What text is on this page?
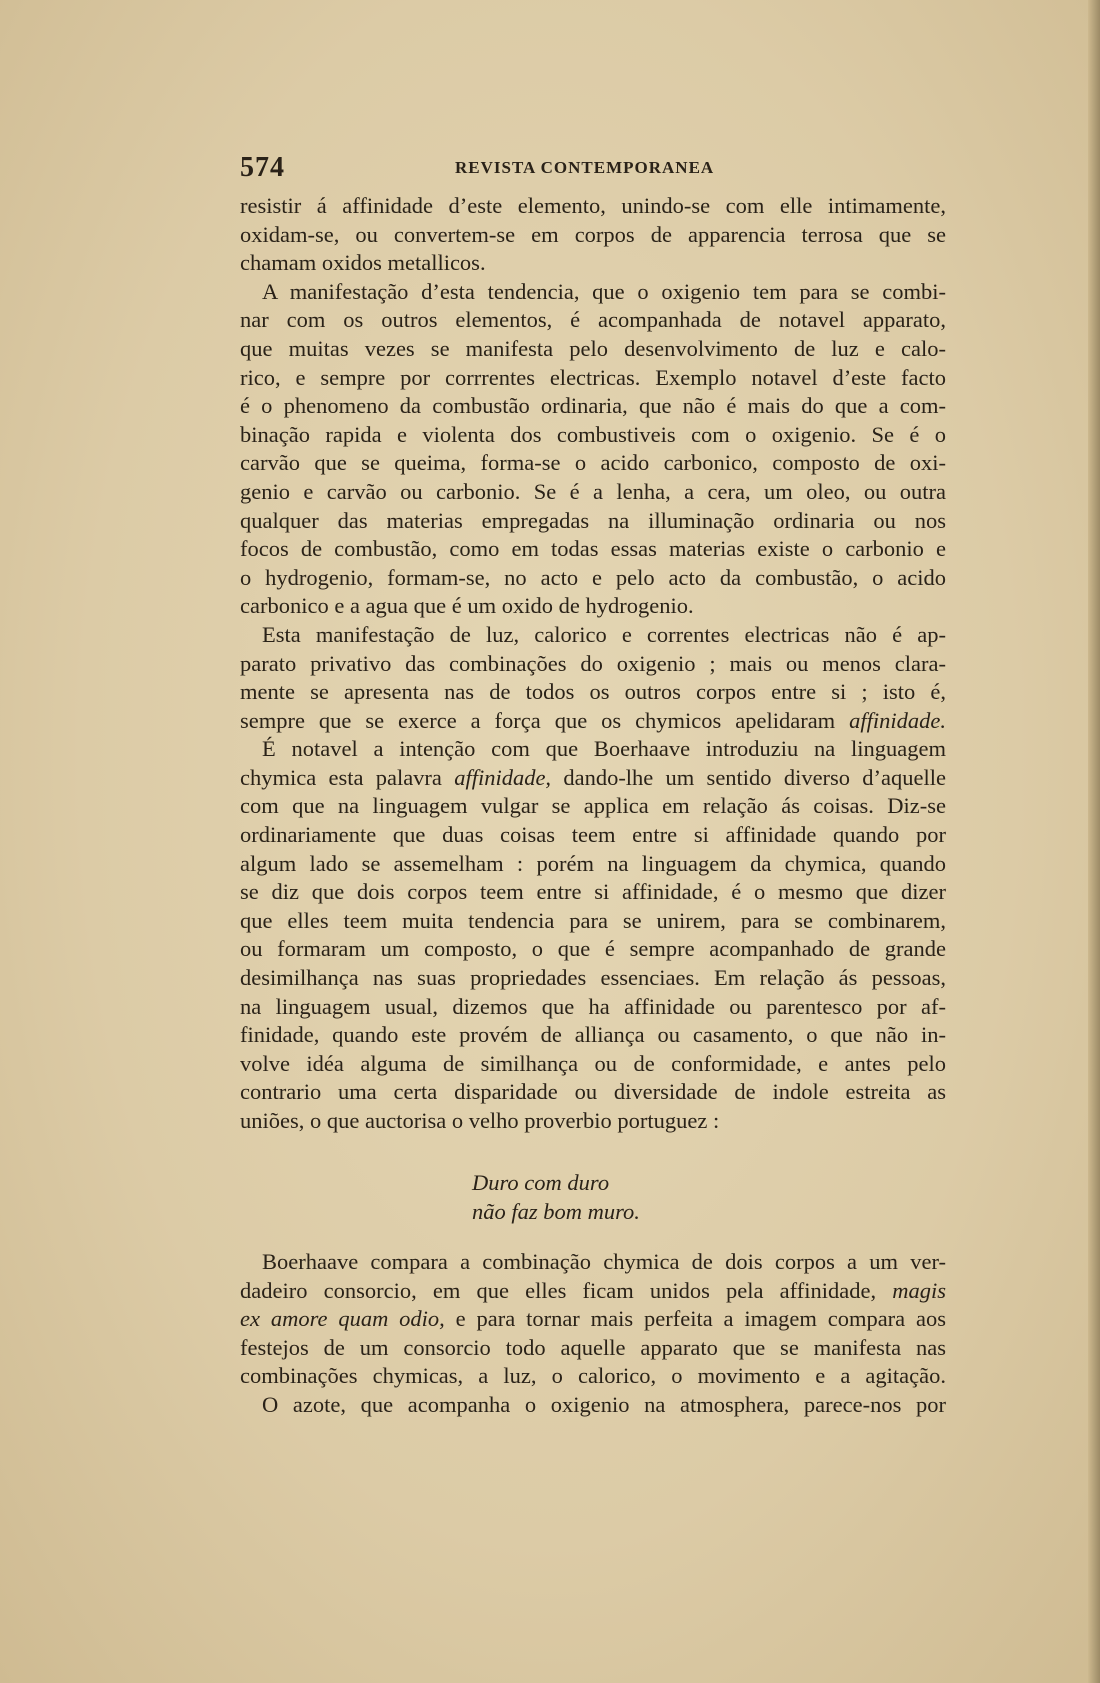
574	REVISTA CONTEMPORANEA
resistir á affinidade d’este elemento, unindo-se com elle intimamente,
oxidam-se, ou convertem-se em corpos de apparencia terrosa que se
chamam oxidos metallicos.
A manifestação d’esta tendencia, que o oxigenio tem para se combi-
nar com os outros elementos, é acompanhada de notavel apparato,
que muitas vezes se manifesta pelo desenvolvimento de luz e calo-
rico, e sempre por corrrentes electricas. Exemplo notavel d’este facto
é o phenomeno da combustão ordinaria, que não é mais do que a com-
binação rapida e violenta dos combustiveis com o oxigenio. Se é o
carvão que se queima, forma-se o acido carbonico, composto de oxi-
genio e carvão ou carbonio. Se é a lenha, a cera, um oleo, ou outra
qualquer das materias empregadas na illuminação ordinaria ou nos
focos de combustão, como em todas essas materias existe o carbonio e
o hydrogenio, formam-se, no acto e pelo acto da combustão, o acido
carbonico e a agua que é um oxido de hydrogenio.
Esta manifestação de luz, calorico e correntes electricas não é ap-
parato privativo das combinações do oxigenio ; mais ou menos clara-
mente se apresenta nas de todos os outros corpos entre si ; isto é,
sempre que se exerce a força que os chymicos apelidaram affinidade.
É notavel a intenção com que Boerhaave introduziu na linguagem
chymica esta palavra affinidade, dando-lhe um sentido diverso d’aquelle
com que na linguagem vulgar se applica em relação ás coisas. Diz-se
ordinariamente que duas coisas teem entre si affinidade quando por
algum lado se assemelham : porém na linguagem da chymica, quando
se diz que dois corpos teem entre si affinidade, é o mesmo que dizer
que elles teem muita tendencia para se unirem, para se combinarem,
ou formaram um composto, o que é sempre acompanhado de grande
desimilhança nas suas propriedades essenciaes. Em relação ás pessoas,
na linguagem usual, dizemos que ha affinidade ou parentesco por af-
finidade, quando este provém de alliança ou casamento, o que não in-
volve idéa alguma de similhança ou de conformidade, e antes pelo
contrario uma certa disparidade ou diversidade de indole estreita as
uniões, o que auctorisa o velho proverbio portuguez :
Duro com duro
não faz bom muro.
Boerhaave compara a combinação chymica de dois corpos a um ver-
dadeiro consorcio, em que elles ficam unidos pela affinidade, magis
ex amore quam odio, e para tornar mais perfeita a imagem compara aos
festejos de um consorcio todo aquelle apparato que se manifesta nas
combinações chymicas, a luz, o calorico, o movimento e a agitação.
O azote, que acompanha o oxigenio na atmosphera, parece-nos por
